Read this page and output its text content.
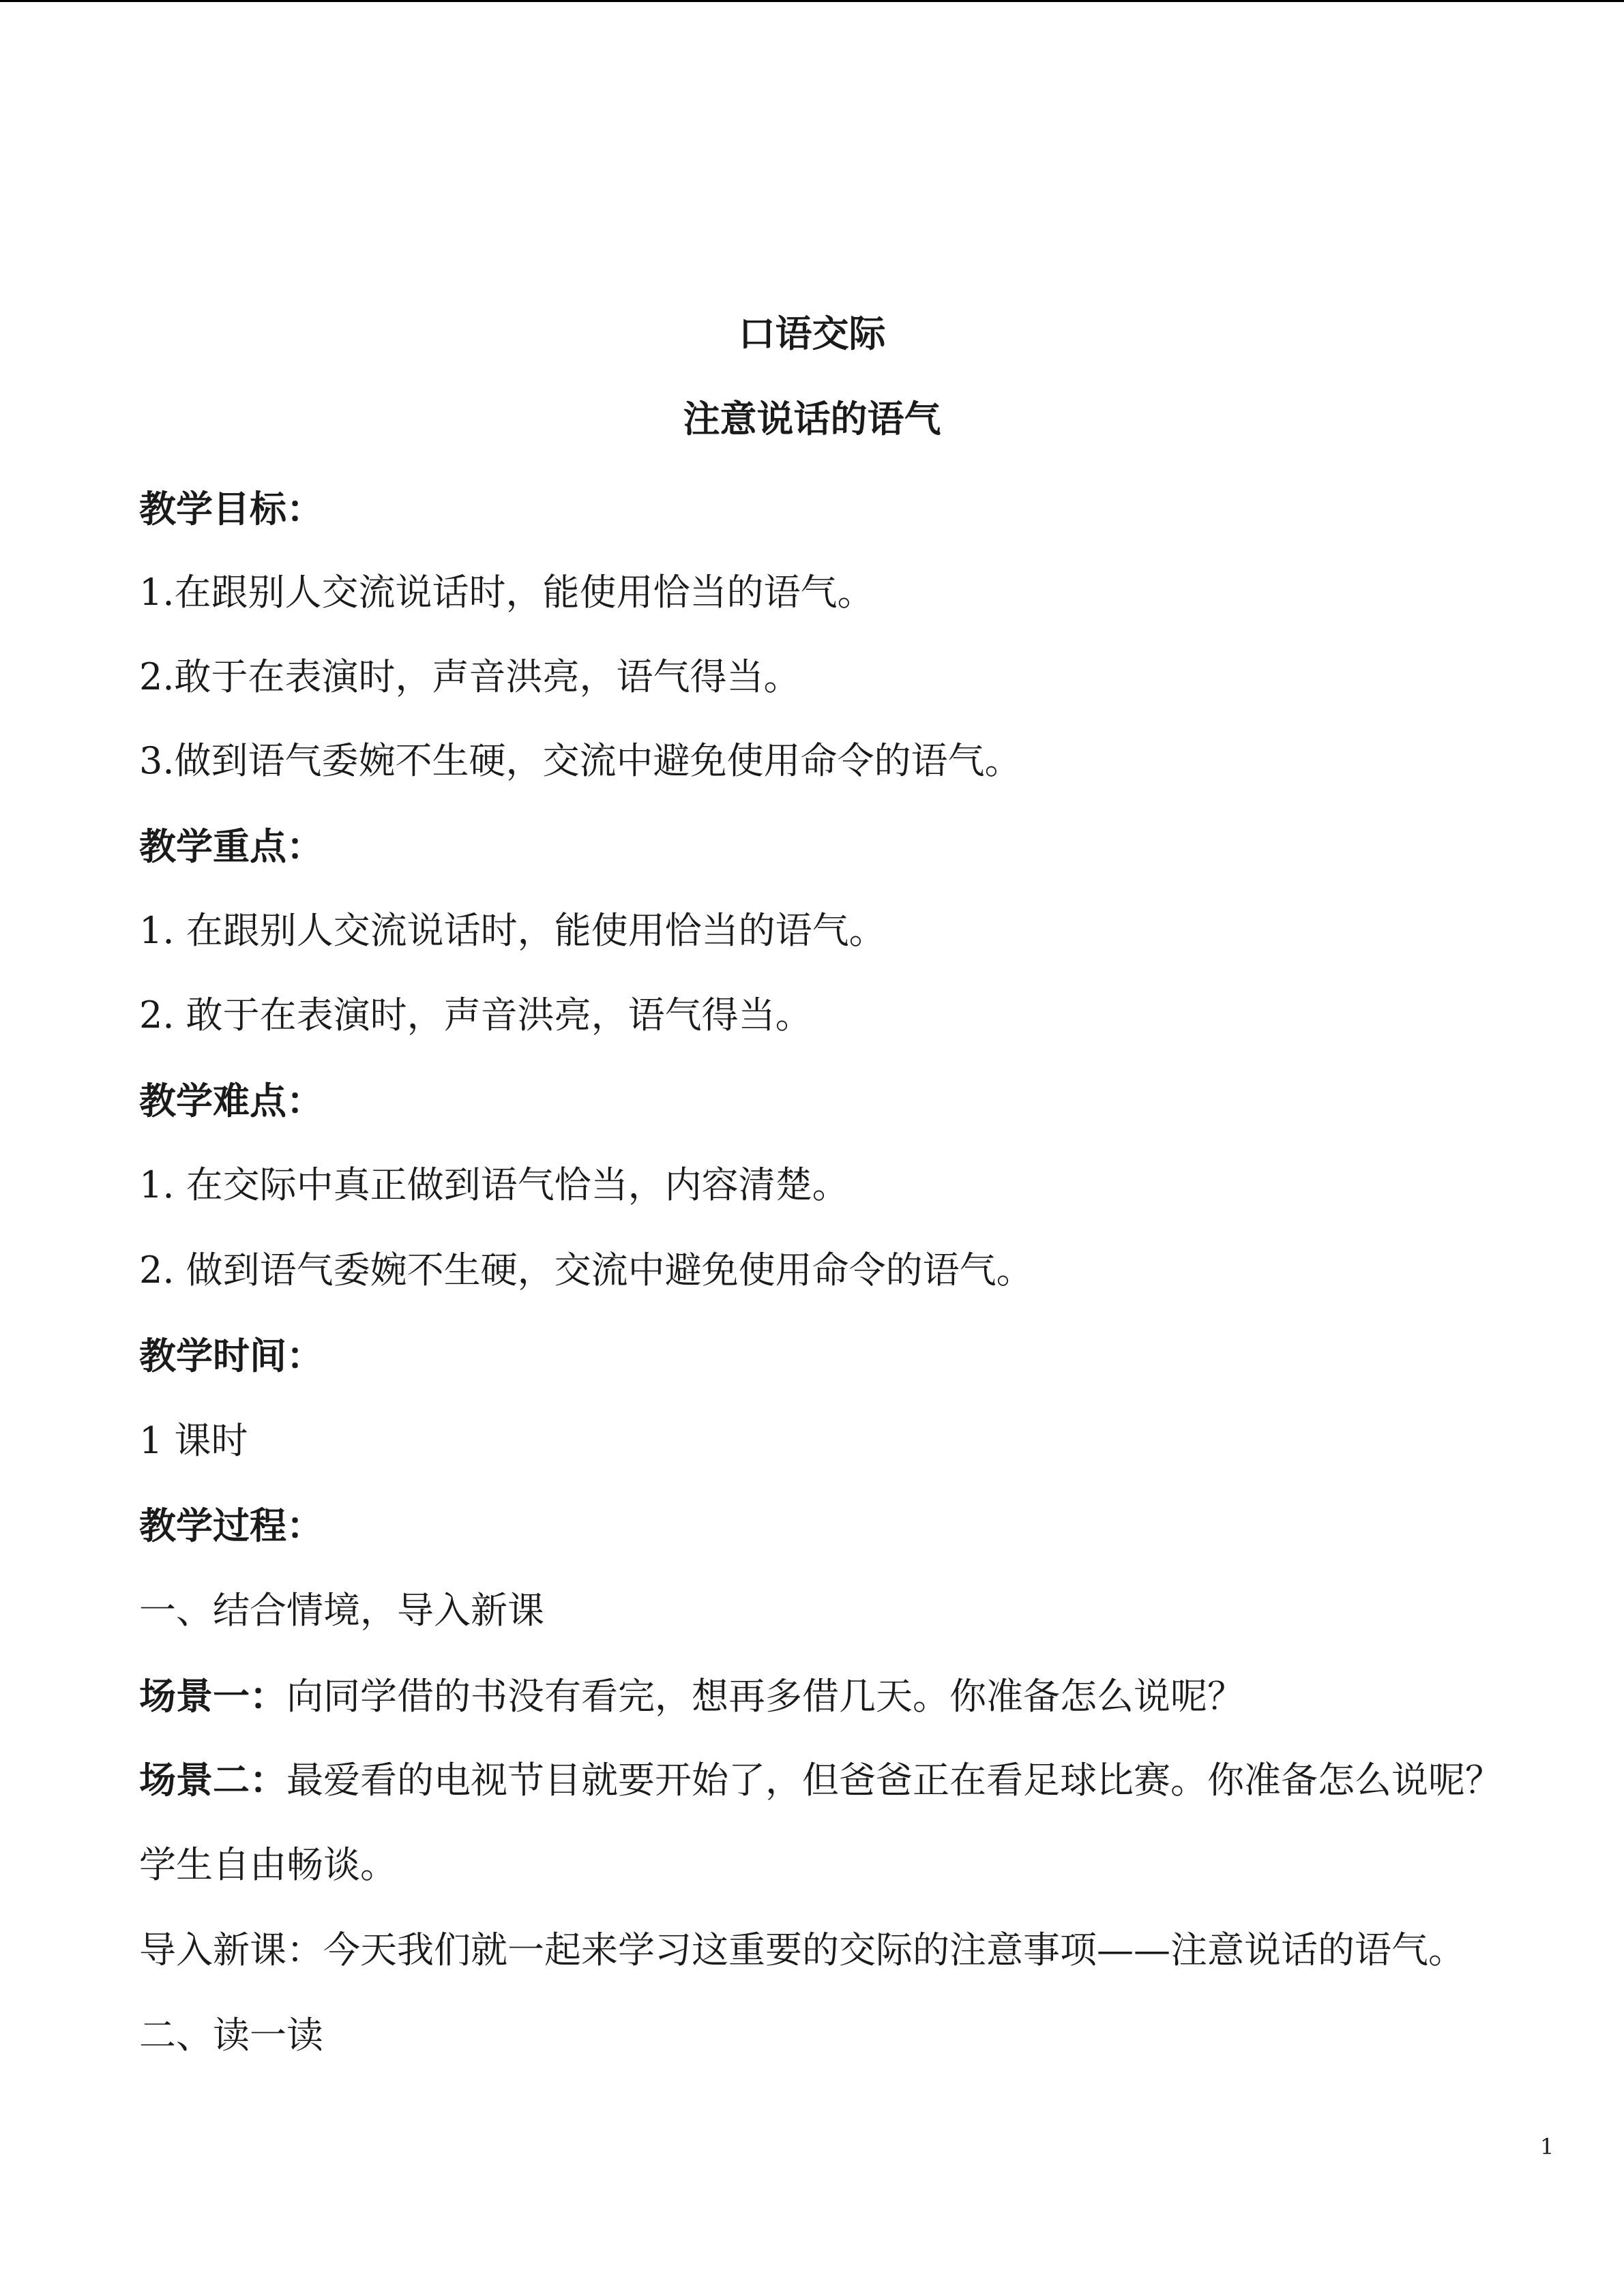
口语交际
注意说话的语气
教学目标：
1.在跟别人交流说话时，能使用恰当的语气。
2.敢于在表演时，声音洪亮，语气得当。
3.做到语气委婉不生硬，交流中避免使用命令的语气。
教学重点：
1. 在跟别人交流说话时，能使用恰当的语气。
2. 敢于在表演时，声音洪亮，语气得当。
教学难点：
1. 在交际中真正做到语气恰当，内容清楚。
2. 做到语气委婉不生硬，交流中避免使用命令的语气。
教学时间：
1 课时
教学过程：
一、结合情境，导入新课
场景一：向同学借的书没有看完，想再多借几天。你准备怎么说呢？
场景二：最爱看的电视节目就要开始了，但爸爸正在看足球比赛。你准备怎么说呢？
学生自由畅谈。
导入新课：今天我们就一起来学习这重要的交际的注意事项——注意说话的语气。
二、读一读
1
